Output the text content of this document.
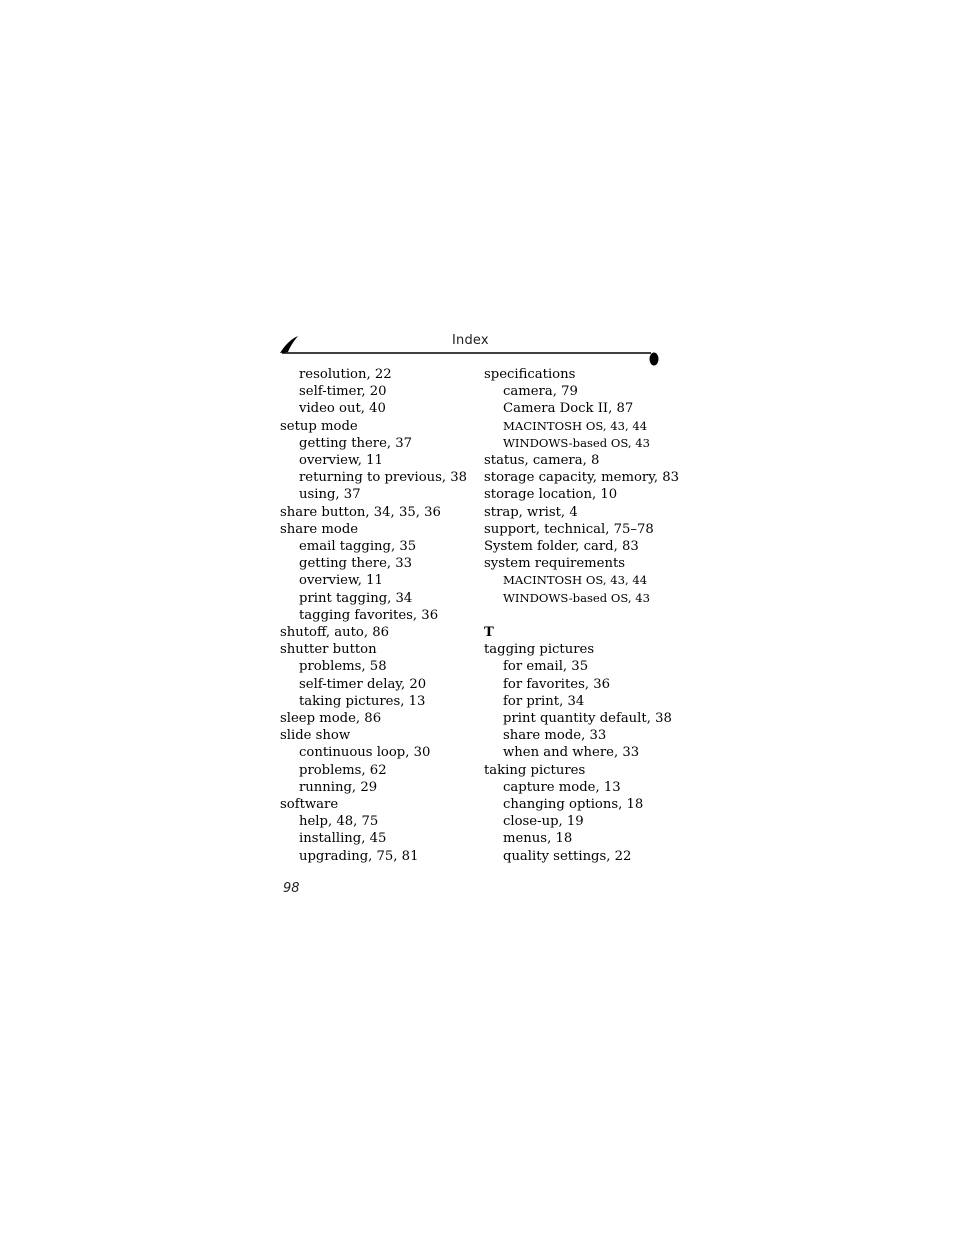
Index
resolution, 22
self-timer, 20
video out, 40
setup mode
getting there, 37
overview, 11
returning to previous, 38
using, 37
share button, 34, 35, 36
share mode
email tagging, 35
getting there, 33
overview, 11
print tagging, 34
tagging favorites, 36
shutoff, auto, 86
shutter button
problems, 58
self-timer delay, 20
taking pictures, 13
sleep mode, 86
slide show
continuous loop, 30
problems, 62
running, 29
software
help, 48, 75
installing, 45
upgrading, 75, 81
specifications
camera, 79
Camera Dock II, 87
MACINTOSH OS, 43, 44
WINDOWS-based OS, 43
status, camera, 8
storage capacity, memory, 83
storage location, 10
strap, wrist, 4
support, technical, 75–78
System folder, card, 83
system requirements
MACINTOSH OS, 43, 44
WINDOWS-based OS, 43
T
tagging pictures
for email, 35
for favorites, 36
for print, 34
print quantity default, 38
share mode, 33
when and where, 33
taking pictures
capture mode, 13
changing options, 18
close-up, 19
menus, 18
quality settings, 22
98
